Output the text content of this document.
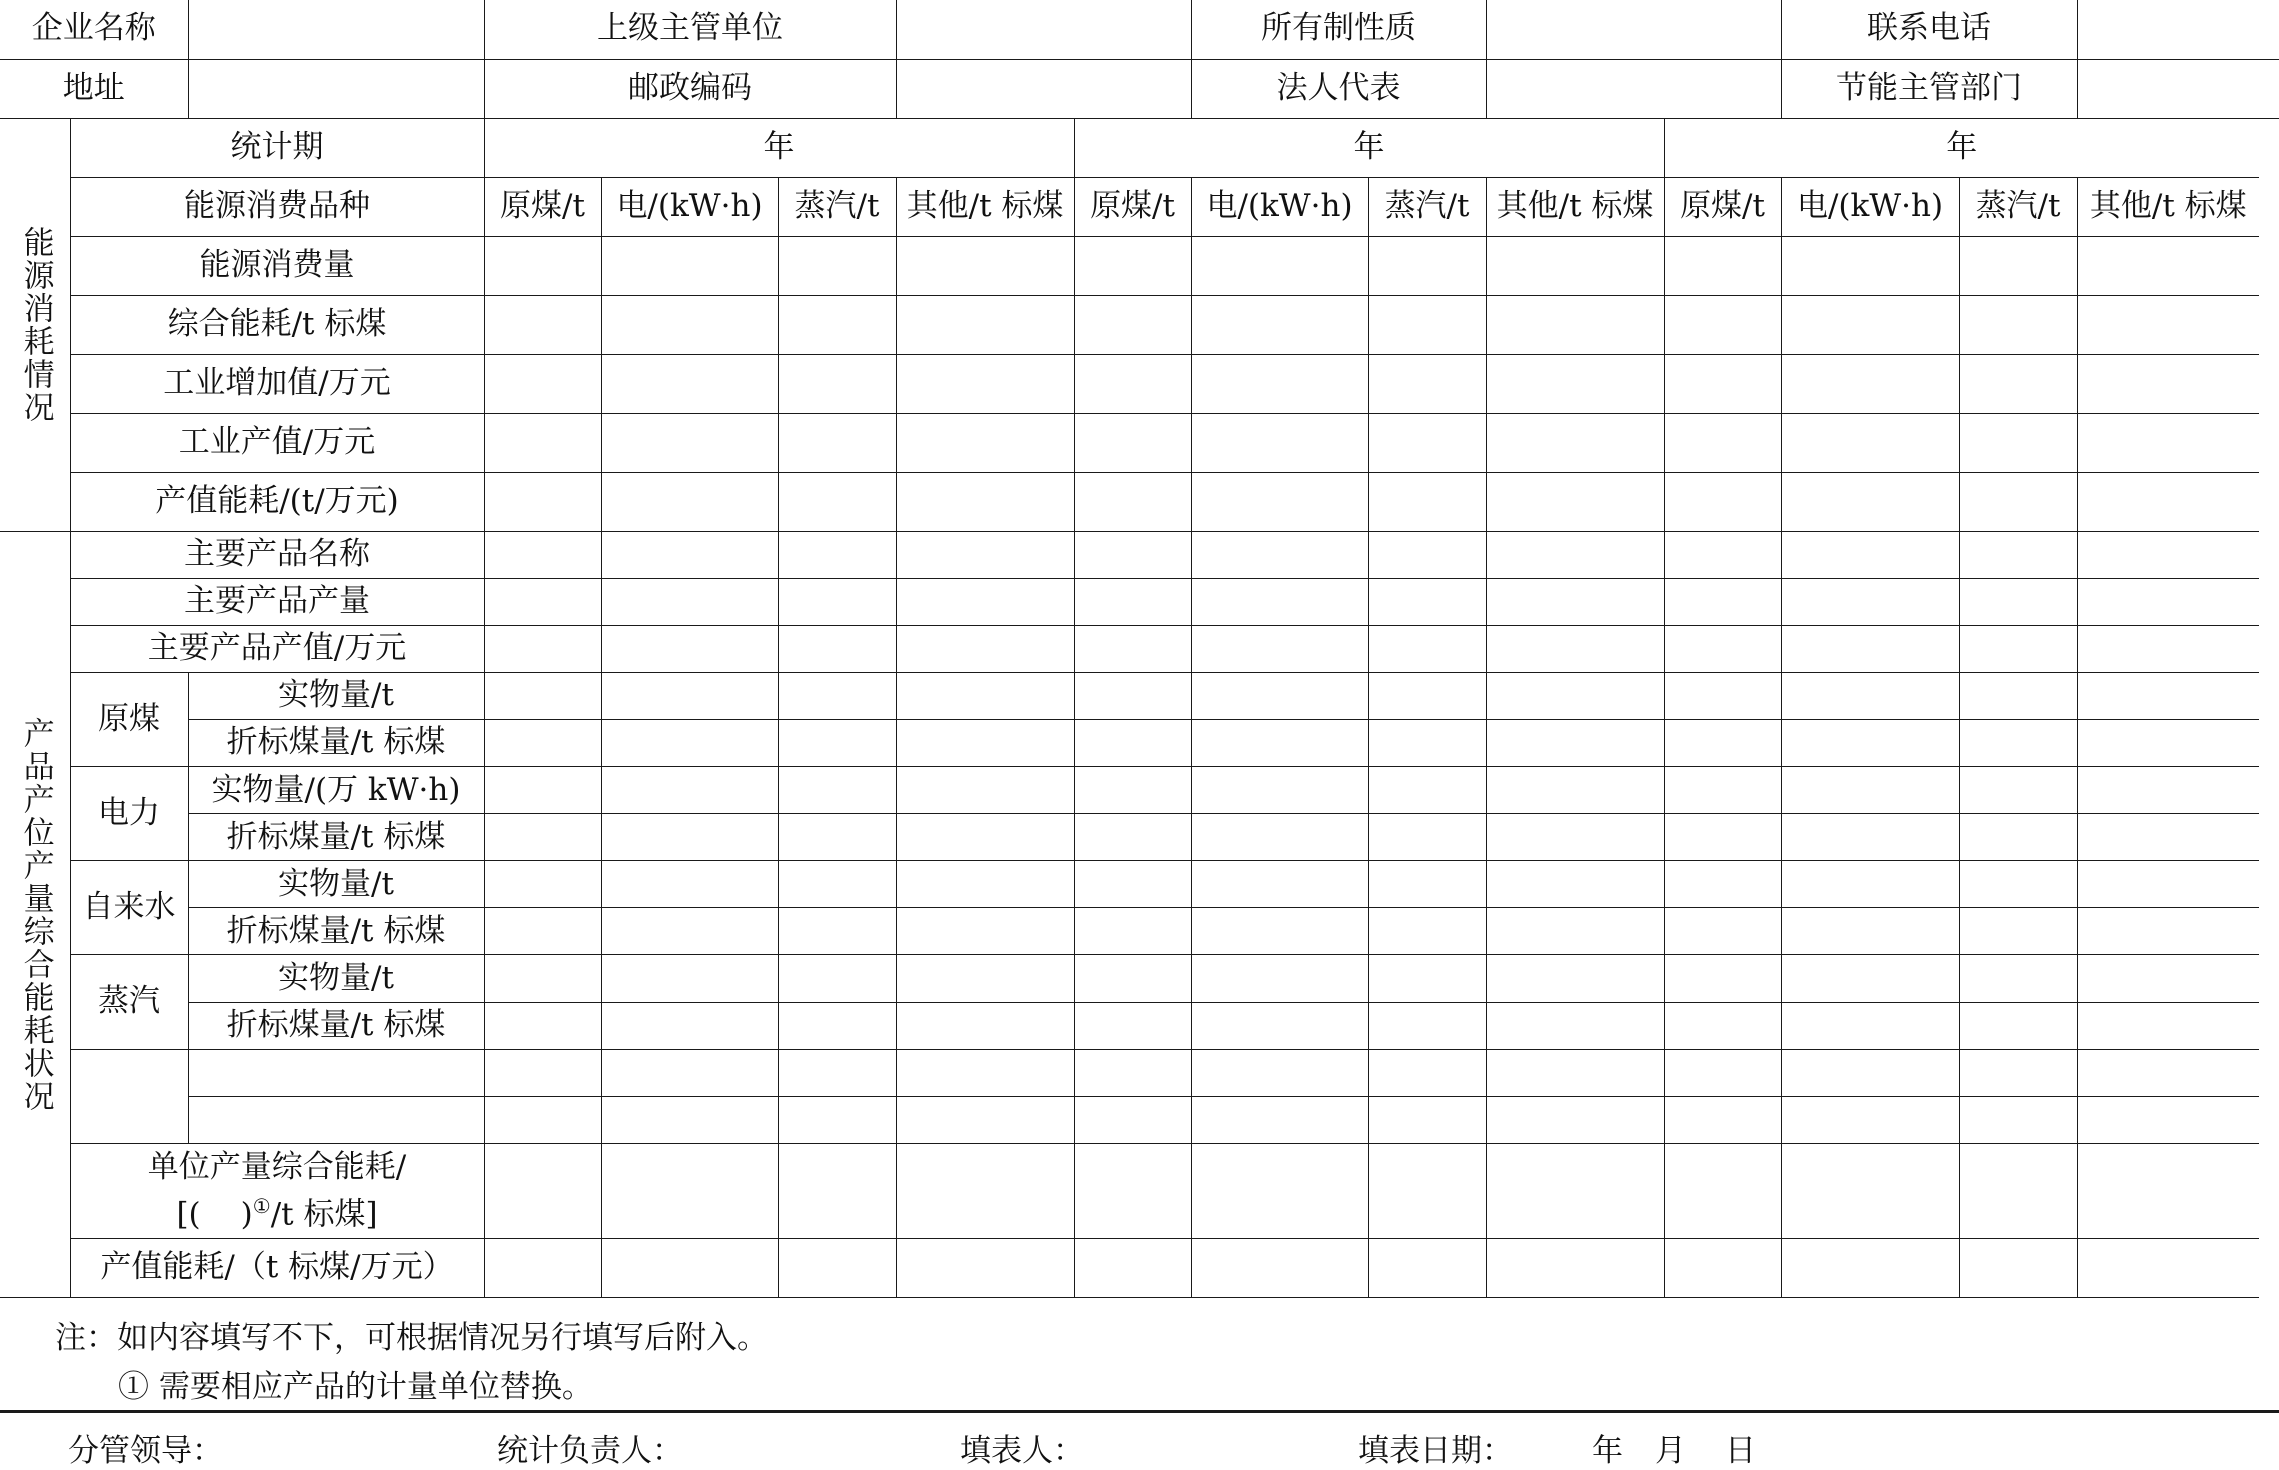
企业名称			上级主管单位					所有制性质				联系电话		
地址			邮政编码					法人代表				节能主管部门		
能源消耗情况	统计期		年				年				年			
	能源消费品种		原煤/t	电/(kW·h)	蒸汽/t	其他/t 标煤	原煤/t	电/(kW·h)	蒸汽/t	其他/t 标煤	原煤/t	电/(kW·h)	蒸汽/t	其他/t 标煤
	能源消费量													
	综合能耗/t 标煤													
	工业增加值/万元													
	工业产值/万元													
	产值能耗/(t/万元)													
产品产位产量综合能耗状况	主要产品名称													
	主要产品产量													
	主要产品产值/万元													
	原煤	实物量/t												
		折标煤量/t 标煤												
	电力	实物量/(万 kW·h)												
		折标煤量/t 标煤												
	自来水	实物量/t												
		折标煤量/t 标煤												
	蒸汽	实物量/t												
		折标煤量/t 标煤												

	单位产量综合能耗/
[( )①/t 标煤]													
	产值能耗/（t 标煤/万元）													
注：如内容填写不下，可根据情况另行填写后附入。
① 需要相应产品的计量单位替换。
分管领导：	统计负责人：	填表人：	填表日期：	年 月 日
